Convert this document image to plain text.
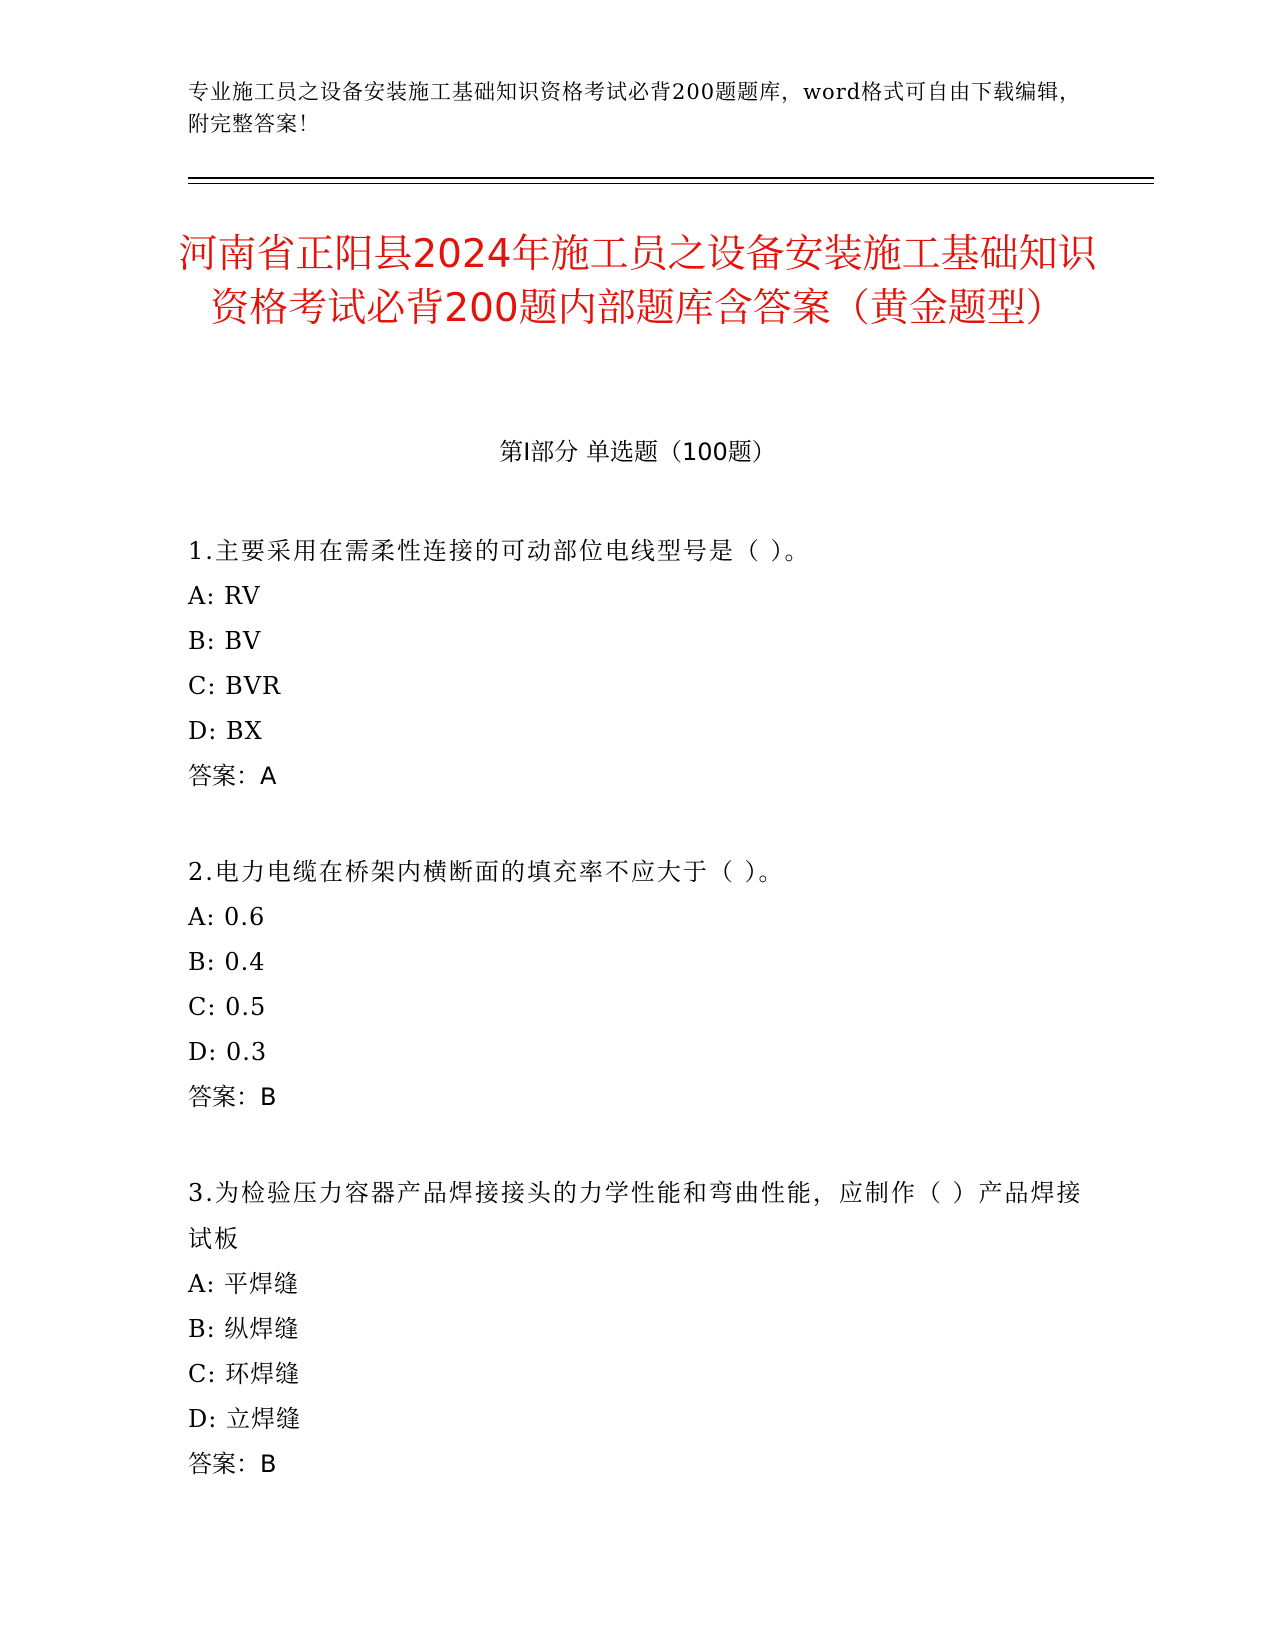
专业施工员之设备安装施工基础知识资格考试必背200题题库，word格式可自由下载编辑，附完整答案！
河南省正阳县2024年施工员之设备安装施工基础知识资格考试必背200题内部题库含答案（黄金题型）
第Ⅰ部分 单选题（100题）

1.主要采用在需柔性连接的可动部位电线型号是（ ）。

A: RV

B: BV

C: BVR

D: BX

答案：A

2.电力电缆在桥架内横断面的填充率不应大于（ ）。

A: 0.6

B: 0.4

C: 0.5

D: 0.3

答案：B

3.为检验压力容器产品焊接接头的力学性能和弯曲性能，应制作（ ）产品焊接试板

A: 平焊缝

B: 纵焊缝

C: 环焊缝

D: 立焊缝

答案：B
